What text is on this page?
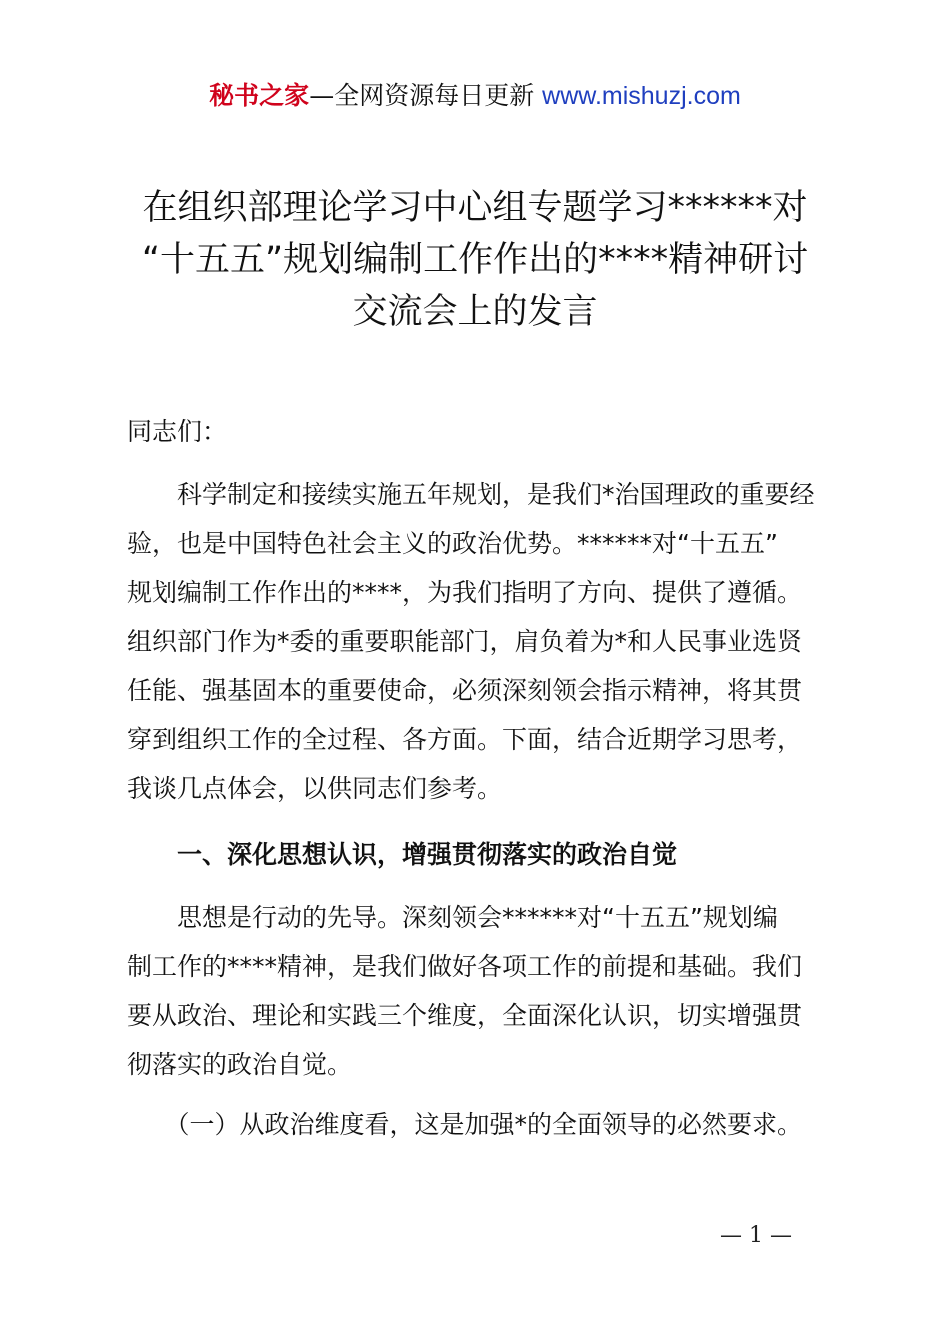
秘书之家—全网资源每日更新 www.mishuzj.com
在组织部理论学习中心组专题学习******对
“十五五”规划编制工作作出的****精神研讨
交流会上的发言
同志们：
　　科学制定和接续实施五年规划，是我们*治国理政的重要经
验，也是中国特色社会主义的政治优势。******对“十五五”
规划编制工作作出的****，为我们指明了方向、提供了遵循。
组织部门作为*委的重要职能部门，肩负着为*和人民事业选贤
任能、强基固本的重要使命，必须深刻领会指示精神，将其贯
穿到组织工作的全过程、各方面。下面，结合近期学习思考，
我谈几点体会，以供同志们参考。
　　一、深化思想认识，增强贯彻落实的政治自觉
　　思想是行动的先导。深刻领会******对“十五五”规划编
制工作的****精神，是我们做好各项工作的前提和基础。我们
要从政治、理论和实践三个维度，全面深化认识，切实增强贯
彻落实的政治自觉。
　　（一）从政治维度看，这是加强*的全面领导的必然要求。
— 1 —
